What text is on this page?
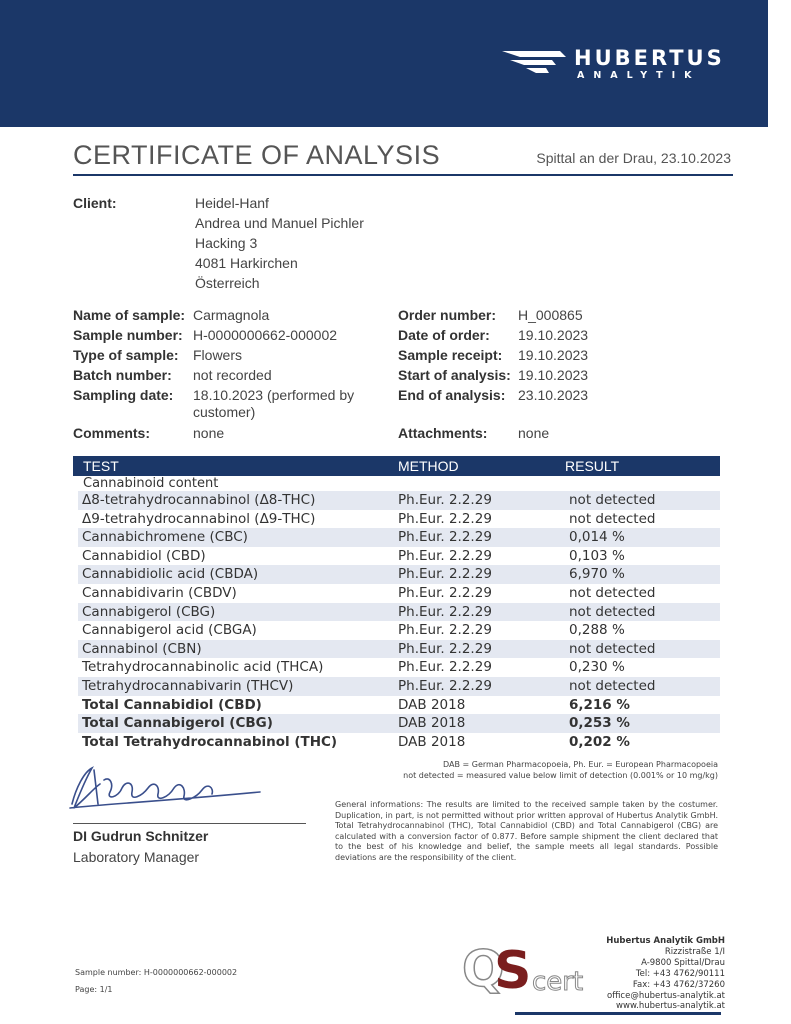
HUBERTUS
ANALYTIK
CERTIFICATE OF ANALYSIS	Spittal an der Drau, 23.10.2023
Client:	Heidel-Hanf
Andrea und Manuel Pichler
Hacking 3
4081 Harkirchen
Österreich
Name of sample: Carmagnola
Sample number: H-0000000662-000002
Type of sample: Flowers
Batch number: not recorded
Sampling date: 18.10.2023 (performed by
customer)
Comments:	none
Order number: H_000865
Date of order: 19.10.2023
Sample receipt: 19.10.2023
Start of analysis: 19.10.2023
End of analysis: 23.10.2023
Attachments: none
TEST	METHOD	RESULT
Cannabinoid content
Δ8-tetrahydrocannabinol (Δ8-THC)	Ph.Eur. 2.2.29	not detected
Δ9-tetrahydrocannabinol (Δ9-THC)	Ph.Eur. 2.2.29	not detected
Cannabichromene (CBC)	Ph.Eur. 2.2.29	0,014 %
Cannabidiol (CBD)	Ph.Eur. 2.2.29	0,103 %
Cannabidiolic acid (CBDA)	Ph.Eur. 2.2.29	6,970 %
Cannabidivarin (CBDV)	Ph.Eur. 2.2.29	not detected
Cannabigerol (CBG)	Ph.Eur. 2.2.29	not detected
Cannabigerol acid (CBGA)	Ph.Eur. 2.2.29	0,288 %
Cannabinol (CBN)	Ph.Eur. 2.2.29	not detected
Tetrahydrocannabinolic acid (THCA)	Ph.Eur. 2.2.29	0,230 %
Tetrahydrocannabivarin (THCV)	Ph.Eur. 2.2.29	not detected
Total Cannabidiol (CBD)	DAB 2018	6,216 %
Total Cannabigerol (CBG)	DAB 2018	0,253 %
Total Tetrahydrocannabinol (THC)	DAB 2018	0,202 %
DAB = German Pharmacopoeia, Ph. Eur. = European Pharmacopoeia
not detected = measured value below limit of detection (0.001% or 10 mg/kg)
DI Gudrun Schnitzer
Laboratory Manager
General informations: The results are limited to the received sample taken by the costumer. Duplication, in part, is not permitted without prior written approval of Hubertus Analytik GmbH. Total Tetrahydrocannabinol (THC), Total Cannabidiol (CBD) and Total Cannabigerol (CBG) are calculated with a conversion factor of 0.877. Before sample shipment the client declared that to the best of his knowledge and belief, the sample meets all legal standards. Possible deviations are the responsibility of the client.
Sample number: H-0000000662-000002
Page: 1/1	Q
S cert
Hubertus Analytik GmbH
Rizzistraße 1/I
A-9800 Spittal/Drau
Tel: +43 4762/90111
Fax: +43 4762/37260
office@hubertus-analytik.at
www.hubertus-analytik.at
